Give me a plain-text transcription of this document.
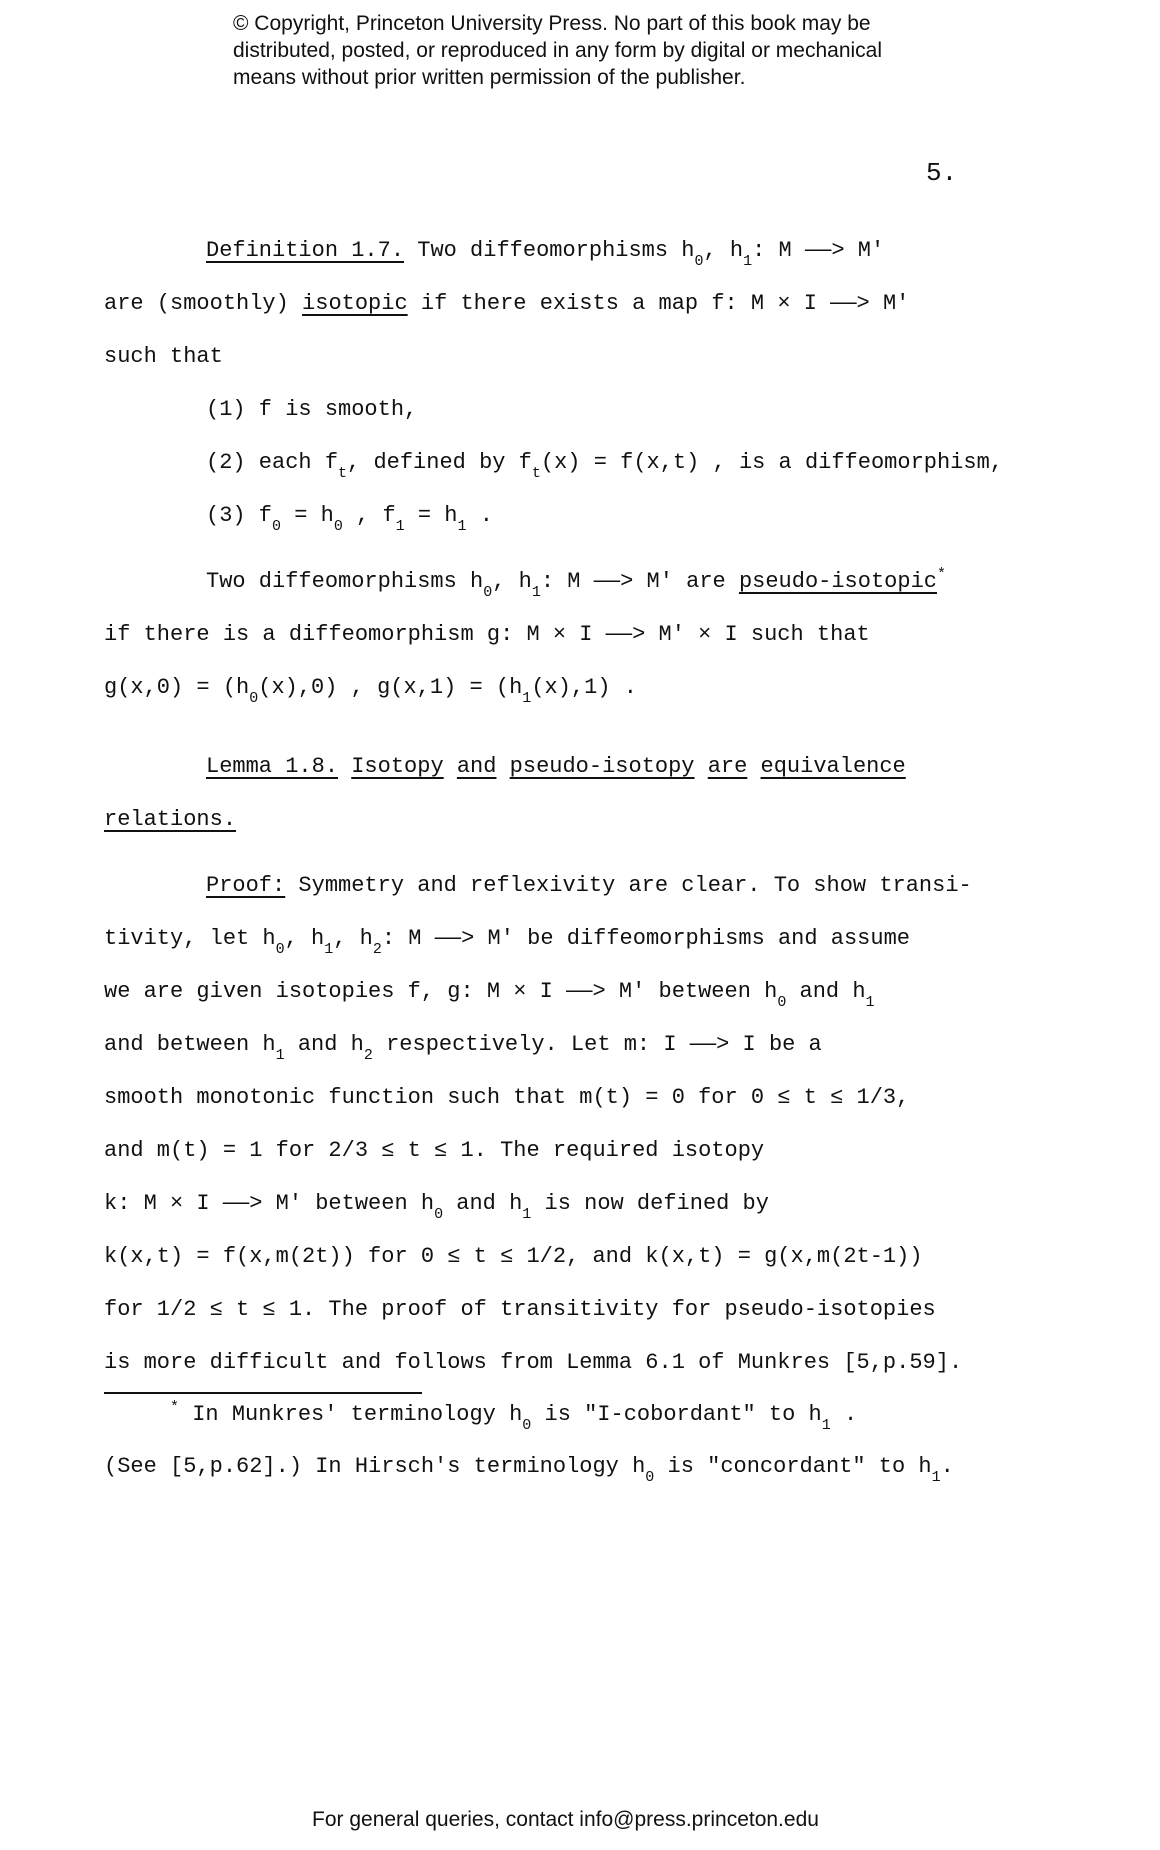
© Copyright, Princeton University Press. No part of this book may be
distributed, posted, or reproduced in any form by digital or mechanical
means without prior written permission of the publisher.
5.
Definition 1.7. Two diffeomorphisms $h_0$, $h_1$: M ——> M'
are (smoothly) isotopic if there exists a map f: M × I ——> M'
such that
(1) f is smooth,
(2) each $f_t$, defined by $f_t(x) = f(x,t)$ , is a diffeomorphism,
(3) $f_0 = h_0$ , $f_1 = h_1$ .
Two diffeomorphisms $h_0$, $h_1$: M ——> M' are pseudo-isotopic*
if there is a diffeomorphism g: M × I ——> M' × I such that
$g(x,0) = (h_0(x),0)$ , $g(x,1) = (h_1(x),1)$ .
Lemma 1.8. Isotopy and pseudo-isotopy are equivalence
relations.
Proof: Symmetry and reflexivity are clear. To show transi-
tivity, let $h_0$, $h_1$, $h_2$: M ——> M' be diffeomorphisms and assume
we are given isotopies f, g: M × I ——> M' between $h_0$ and $h_1$
and between $h_1$ and $h_2$ respectively. Let m: I ——> I be a
smooth monotonic function such that m(t) = 0 for 0 ≤ t ≤ 1/3,
and m(t) = 1 for 2/3 ≤ t ≤ 1. The required isotopy
k: M × I ——> M' between $h_0$ and $h_1$ is now defined by
k(x,t) = f(x,m(2t)) for 0 ≤ t ≤ 1/2, and k(x,t) = g(x,m(2t-1))
for 1/2 ≤ t ≤ 1. The proof of transitivity for pseudo-isotopies
is more difficult and follows from Lemma 6.1 of Munkres [5,p.59].
* In Munkres' terminology $h_0$ is "I-cobordant" to $h_1$ .
(See [5,p.62].) In Hirsch's terminology $h_0$ is "concordant" to $h_1$.
For general queries, contact info@press.princeton.edu
